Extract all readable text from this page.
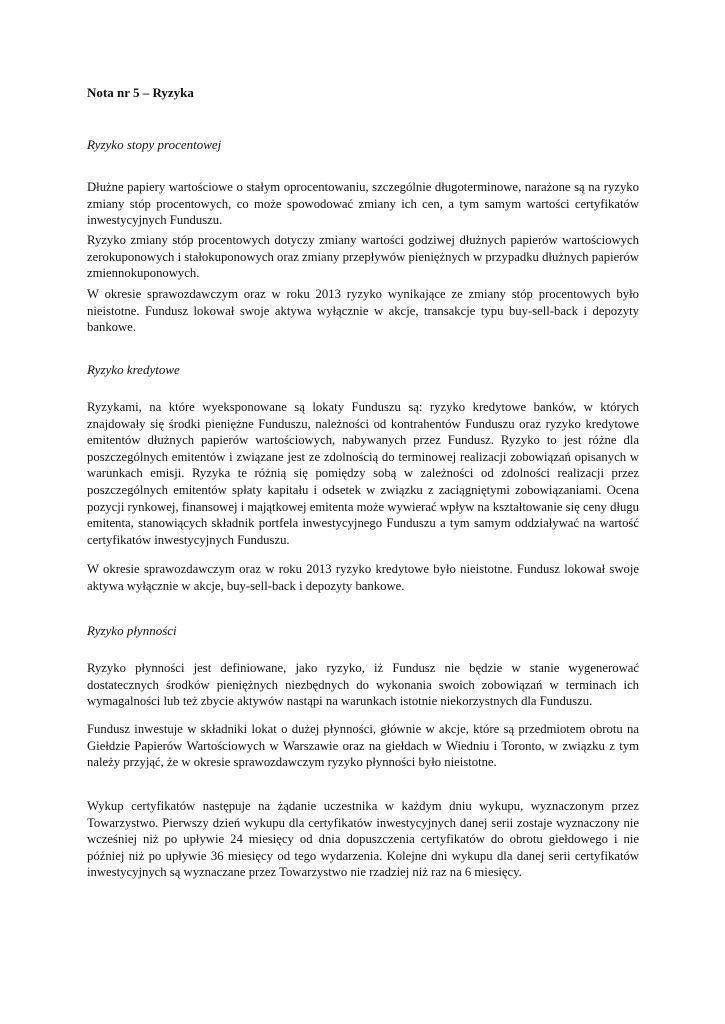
Nota nr 5 – Ryzyka

Ryzyko stopy procentowej

Dłużne papiery wartościowe o stałym oprocentowaniu, szczególnie długoterminowe, narażone są na ryzyko zmiany stóp procentowych, co może spowodować zmiany ich cen, a tym samym wartości certyfikatów inwestycyjnych Funduszu.

Ryzyko zmiany stóp procentowych dotyczy zmiany wartości godziwej dłużnych papierów wartościowych zerokuponowych i stałokuponowych oraz zmiany przepływów pieniężnych w przypadku dłużnych papierów zmiennokuponowych.

W okresie sprawozdawczym oraz w roku 2013 ryzyko wynikające ze zmiany stóp procentowych było nieistotne. Fundusz lokował swoje aktywa wyłącznie w akcje, transakcje typu buy-sell-back i depozyty bankowe.

Ryzyko kredytowe

Ryzykami, na które wyeksponowane są lokaty Funduszu są: ryzyko kredytowe banków, w których znajdowały się środki pieniężne Funduszu, należności od kontrahentów Funduszu oraz ryzyko kredytowe emitentów dłużnych papierów wartościowych, nabywanych przez Fundusz. Ryzyko to jest różne dla poszczególnych emitentów i związane jest ze zdolnością do terminowej realizacji zobowiązań opisanych w warunkach emisji. Ryzyka te różnią się pomiędzy sobą w zależności od zdolności realizacji przez poszczególnych emitentów spłaty kapitału i odsetek w związku z zaciągniętymi zobowiązaniami. Ocena pozycji rynkowej, finansowej i majątkowej emitenta może wywierać wpływ na kształtowanie się ceny długu emitenta, stanowiących składnik portfela inwestycyjnego Funduszu a tym samym oddziaływać na wartość certyfikatów inwestycyjnych Funduszu.

W okresie sprawozdawczym oraz w roku 2013 ryzyko kredytowe było nieistotne. Fundusz lokował swoje aktywa wyłącznie w akcje, buy-sell-back i depozyty bankowe.

Ryzyko płynności

Ryzyko płynności jest definiowane, jako ryzyko, iż Fundusz nie będzie w stanie wygenerować dostatecznych środków pieniężnych niezbędnych do wykonania swoich zobowiązań w terminach ich wymagalności lub też zbycie aktywów nastąpi na warunkach istotnie niekorzystnych dla Funduszu.

Fundusz inwestuje w składniki lokat o dużej płynności, głównie w akcje, które są przedmiotem obrotu na Giełdzie Papierów Wartościowych w Warszawie oraz na giełdach w Wiedniu i Toronto, w związku z tym należy przyjąć, że w okresie sprawozdawczym ryzyko płynności było nieistotne.

Wykup certyfikatów następuje na żądanie uczestnika w każdym dniu wykupu, wyznaczonym przez Towarzystwo. Pierwszy dzień wykupu dla certyfikatów inwestycyjnych danej serii zostaje wyznaczony nie wcześniej niż po upływie 24 miesięcy od dnia dopuszczenia certyfikatów do obrotu giełdowego i nie później niż po upływie 36 miesięcy od tego wydarzenia. Kolejne dni wykupu dla danej serii certyfikatów inwestycyjnych są wyznaczane przez Towarzystwo nie rzadziej niż raz na 6 miesięcy.
